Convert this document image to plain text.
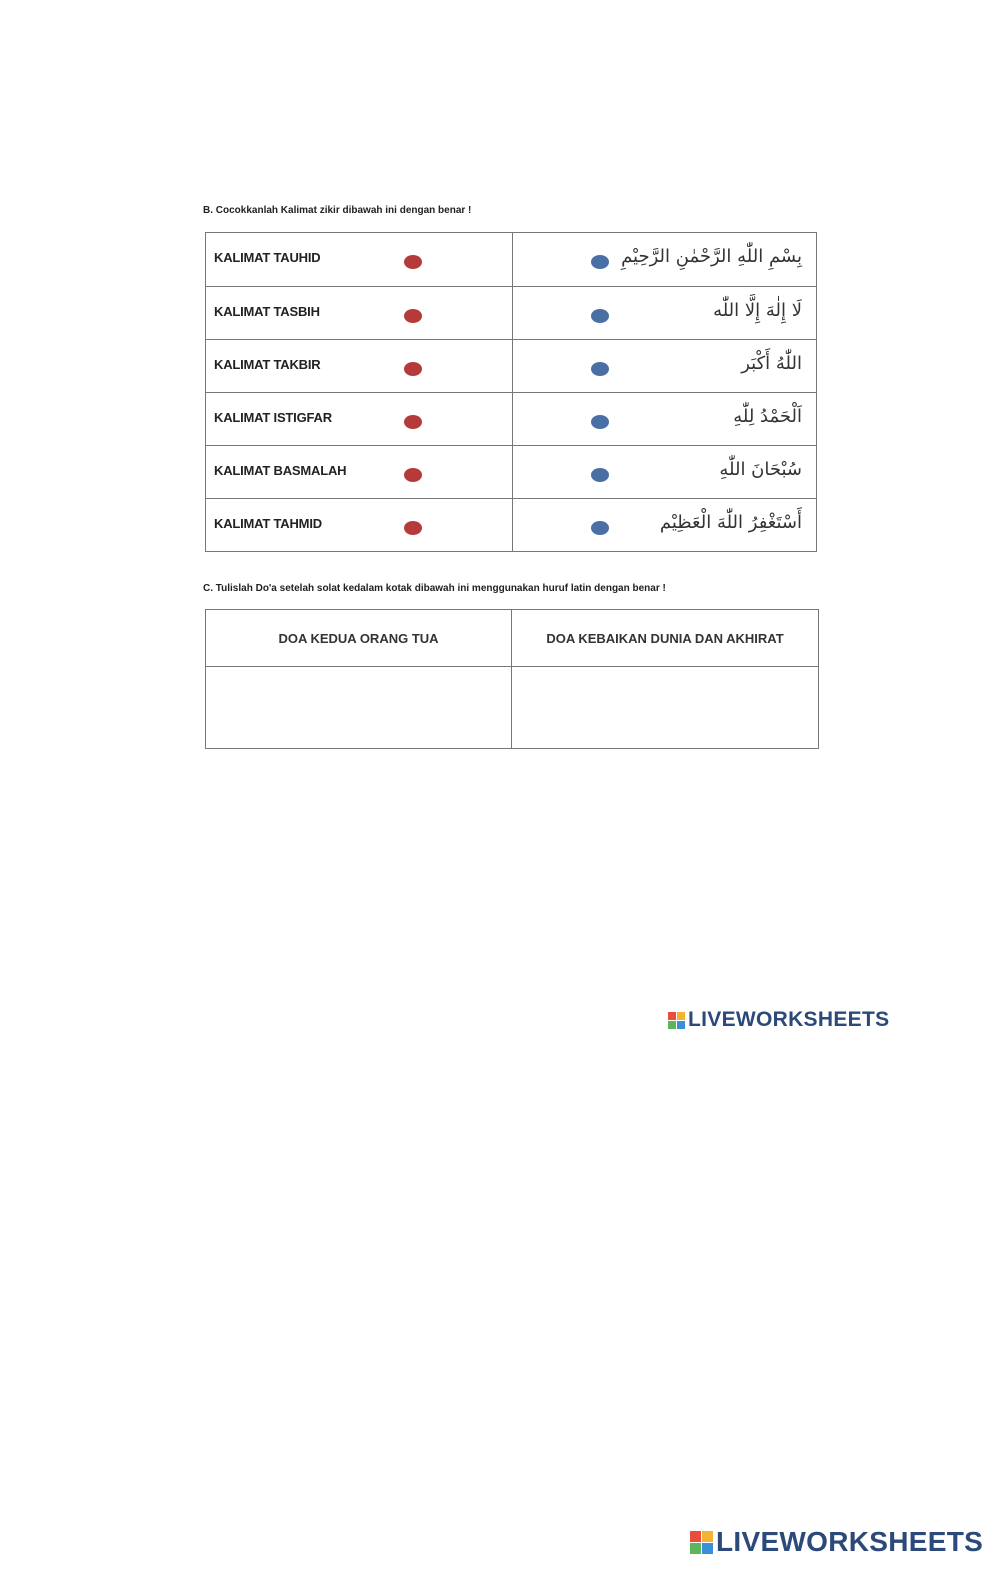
B. Cocokkanlah Kalimat zikir dibawah ini dengan benar !
KALIMAT TAUHID	بِسْمِ اللّٰهِ الرَّحْمٰنِ الرَّحِيْمِ
KALIMAT TASBIH	لَا إِلٰهَ إِلَّا اللّٰه
KALIMAT TAKBIR	اللّٰهُ أَكْبَر
KALIMAT ISTIGFAR	اَلْحَمْدُ لِلّٰهِ
KALIMAT BASMALAH	سُبْحَانَ اللّٰهِ
KALIMAT TAHMID	أَسْتَغْفِرُ اللّٰهَ الْعَظِيْم
C. Tulislah Do'a setelah solat kedalam kotak dibawah ini menggunakan huruf latin dengan benar !
DOA KEDUA ORANG TUA	DOA KEBAIKAN DUNIA DAN AKHIRAT
LIVEWORKSHEETS
LIVEWORKSHEETS
